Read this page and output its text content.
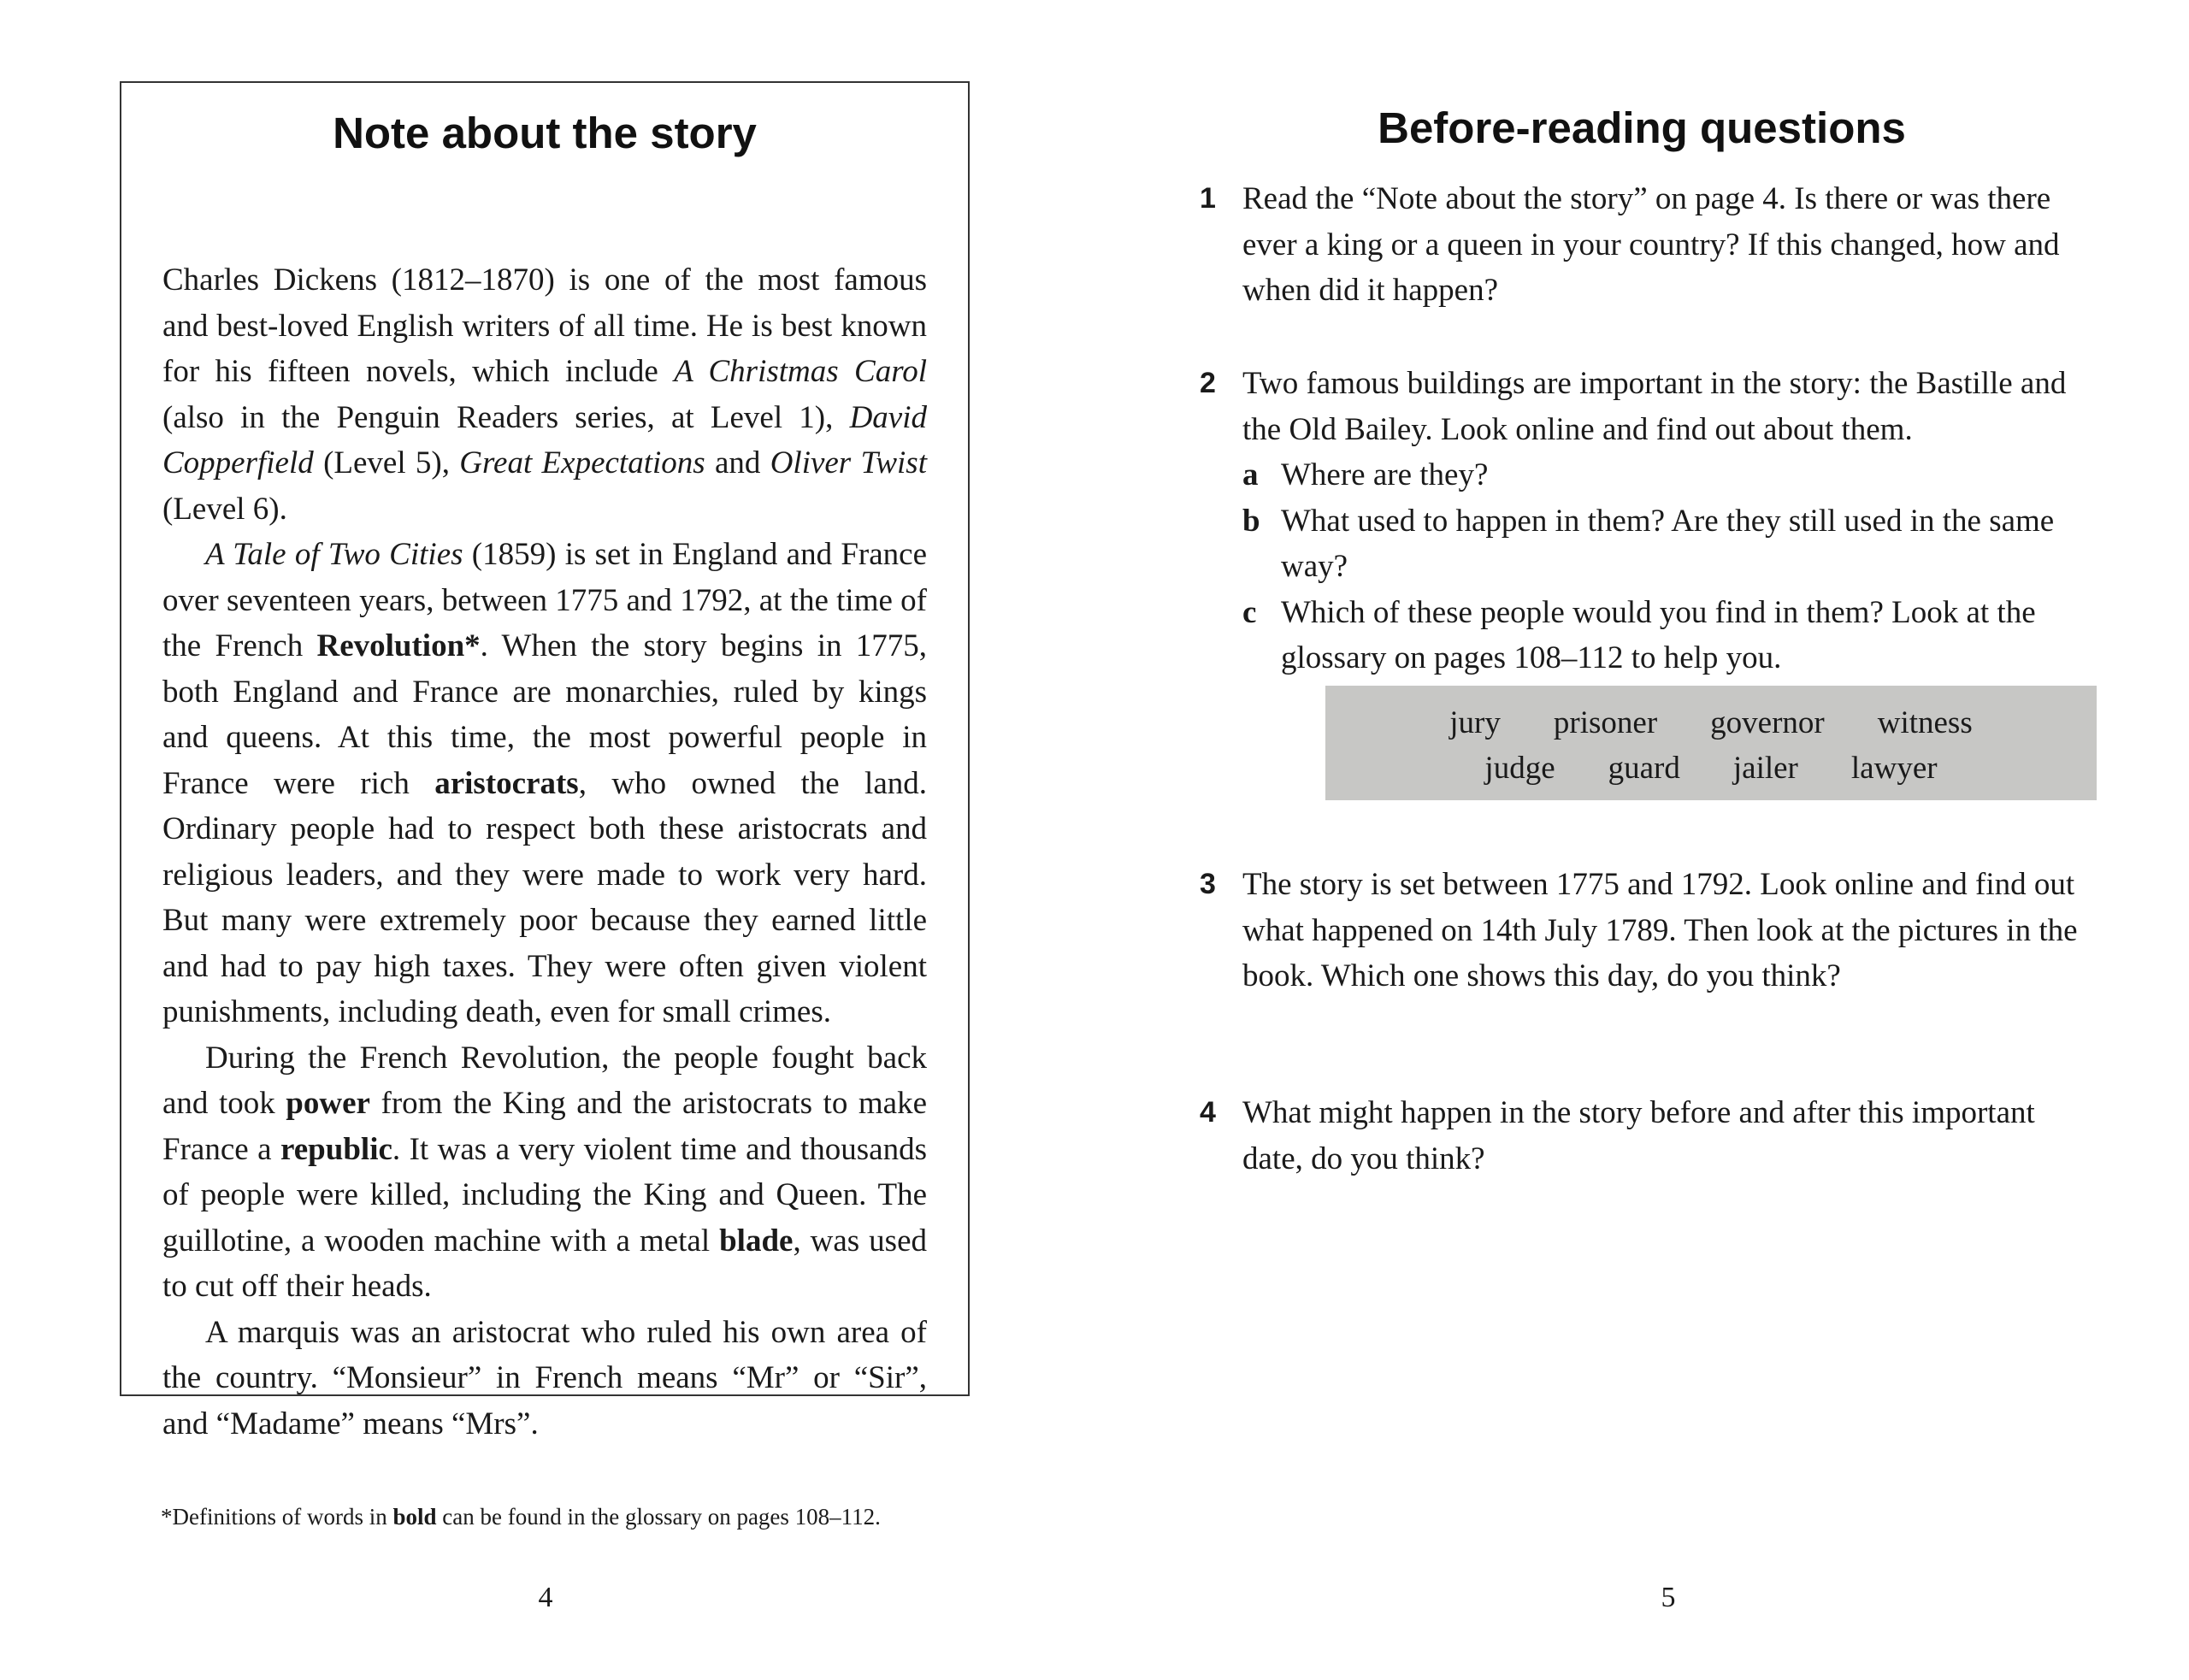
Note about the story

Charles Dickens (1812–1870) is one of the most famous and best-loved English writers of all time. He is best known for his fifteen novels, which include A Christmas Carol (also in the Penguin Readers series, at Level 1), David Copperfield (Level 5), Great Expectations and Oliver Twist (Level 6).

A Tale of Two Cities (1859) is set in England and France over seventeen years, between 1775 and 1792, at the time of the French Revolution*. When the story begins in 1775, both England and France are monarchies, ruled by kings and queens. At this time, the most powerful people in France were rich aristocrats, who owned the land. Ordinary people had to respect both these aristocrats and religious leaders, and they were made to work very hard. But many were extremely poor because they earned little and had to pay high taxes. They were often given violent punishments, including death, even for small crimes.

During the French Revolution, the people fought back and took power from the King and the aristocrats to make France a republic. It was a very violent time and thousands of people were killed, including the King and Queen. The guillotine, a wooden machine with a metal blade, was used to cut off their heads.

A marquis was an aristocrat who ruled his own area of the country. “Monsieur” in French means “Mr” or “Sir”, and “Madame” means “Mrs”.

*Definitions of words in bold can be found in the glossary on pages 108–112.
4
Before-reading questions
1 Read the “Note about the story” on page 4. Is there or was there ever a king or a queen in your country? If this changed, how and when did it happen?

2 Two famous buildings are important in the story: the Bastille and the Old Bailey. Look online and find out about them.

a Where are they?
b What used to happen in them? Are they still used in the same way?
c Which of these people would you find in them? Look at the glossary on pages 108–112 to help you.
jury prisoner governor witness
judge guard jailer lawyer
3 The story is set between 1775 and 1792. Look online and find out what happened on 14th July 1789. Then look at the pictures in the book. Which one shows this day, do you think?

4 What might happen in the story before and after this important date, do you think?

5
